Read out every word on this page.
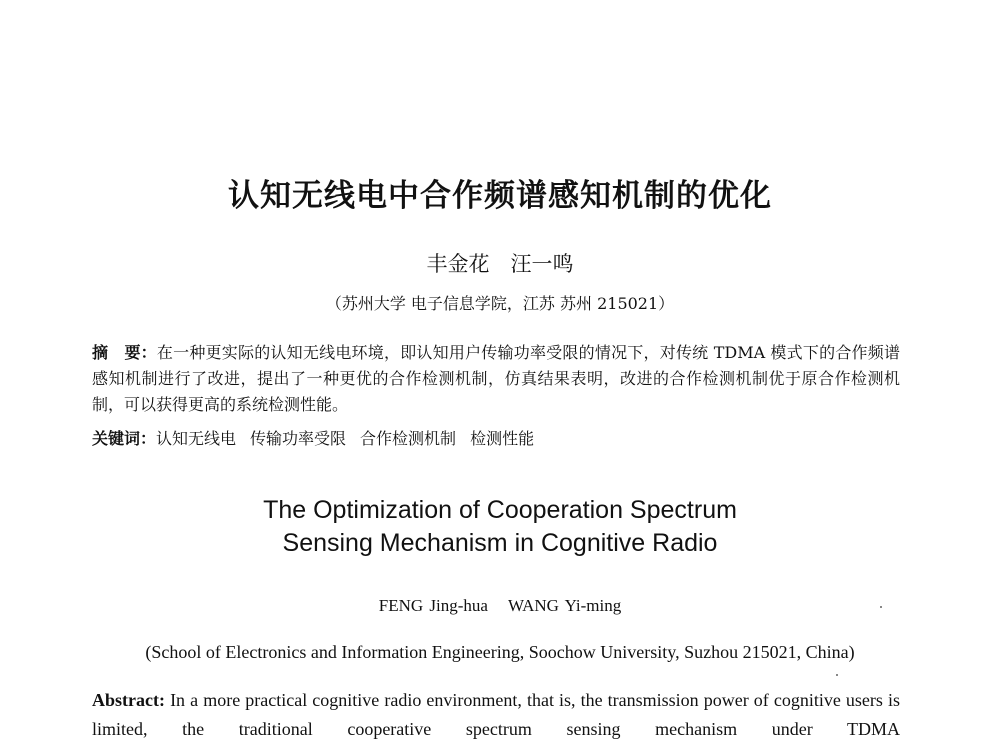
认知无线电中合作频谱感知机制的优化
丰金花　汪一鸣
（苏州大学 电子信息学院，江苏 苏州 215021）
摘　要：在一种更实际的认知无线电环境，即认知用户传输功率受限的情况下，对传统 TDMA 模式下的合作频谱感知机制进行了改进，提出了一种更优的合作检测机制，仿真结果表明，改进的合作检测机制优于原合作检测机制，可以获得更高的系统检测性能。
关键词：认知无线电 传输功率受限 合作检测机制 检测性能
The Optimization of Cooperation Spectrum
Sensing Mechanism in Cognitive Radio
FENG Jing-hua WANG Yi-ming
(School of Electronics and Information Engineering, Soochow University, Suzhou 215021, China)
Abstract: In a more practical cognitive radio environment, that is, the transmission power of cognitive users is limited, the traditional cooperative spectrum sensing mechanism under TDMA
